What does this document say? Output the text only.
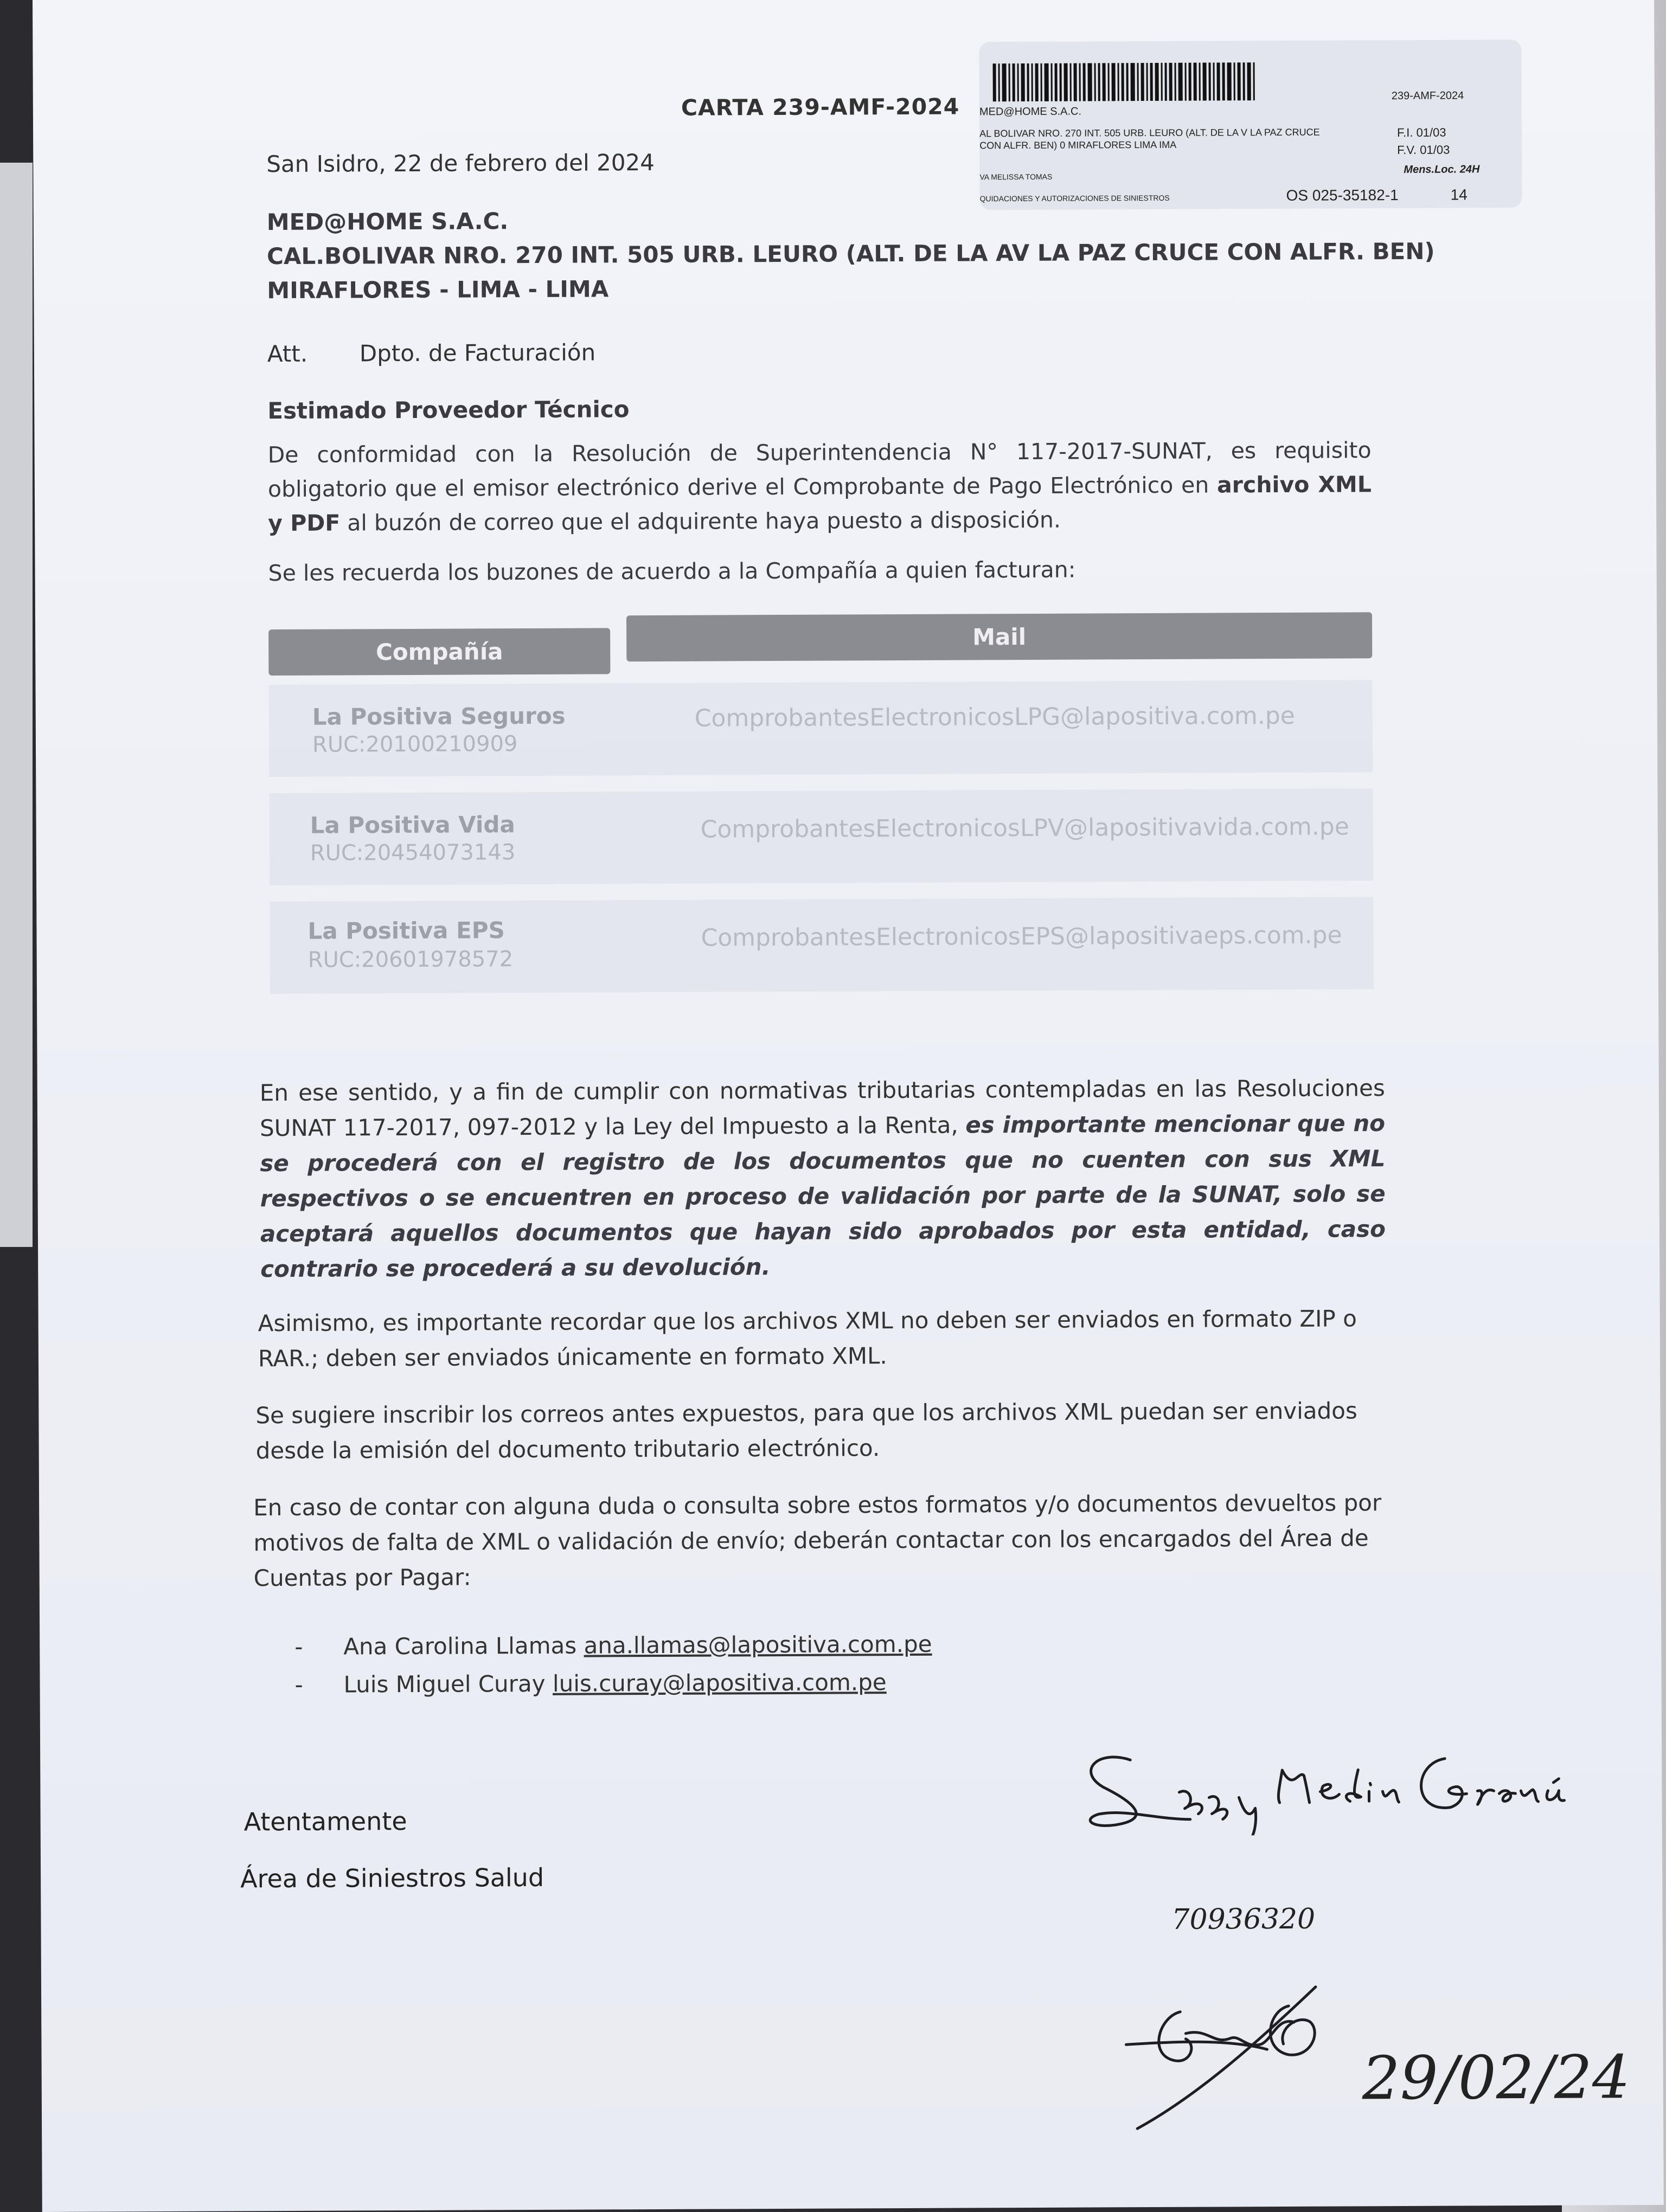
CARTA 239-AMF-2024	239-AMF-2024
MED@HOME S.A.C.
AL BOLIVAR NRO. 270 INT. 505 URB. LEURO (ALT. DE LA V LA PAZ CRUCE CON ALFR. BEN) 0 MIRAFLORES LIMA IMA
VA MELISSA TOMAS
QUIDACIONES Y AUTORIZACIONES DE SINIESTROS
F.I. 01/03
F.V. 01/03
Mens.Loc. 24H
OS 025-35182-1	14
San Isidro, 22 de febrero del 2024
MED@HOME S.A.C.
CAL.BOLIVAR NRO. 270 INT. 505 URB. LEURO (ALT. DE LA AV LA PAZ CRUCE CON ALFR. BEN)
MIRAFLORES - LIMA - LIMA
Att. Dpto. de Facturación
Estimado Proveedor Técnico
De conformidad con la Resolución de Superintendencia N° 117-2017-SUNAT, es requisito obligatorio que el emisor electrónico derive el Comprobante de Pago Electrónico en archivo XML y PDF al buzón de correo que el adquirente haya puesto a disposición.
Se les recuerda los buzones de acuerdo a la Compañía a quien facturan:
Compañía
Mail
La Positiva Seguros
RUC:20100210909
ComprobantesElectronicosLPG@lapositiva.com.pe
La Positiva Vida
RUC:20454073143
ComprobantesElectronicosLPV@lapositivavida.com.pe
La Positiva EPS
RUC:20601978572
ComprobantesElectronicosEPS@lapositivaeps.com.pe
En ese sentido, y a fin de cumplir con normativas tributarias contempladas en las Resoluciones SUNAT 117-2017, 097-2012 y la Ley del Impuesto a la Renta, es importante mencionar que no se procederá con el registro de los documentos que no cuenten con sus XML respectivos o se encuentren en proceso de validación por parte de la SUNAT, solo se aceptará aquellos documentos que hayan sido aprobados por esta entidad, caso contrario se procederá a su devolución.
Asimismo, es importante recordar que los archivos XML no deben ser enviados en formato ZIP o RAR.; deben ser enviados únicamente en formato XML.
Se sugiere inscribir los correos antes expuestos, para que los archivos XML puedan ser enviados desde la emisión del documento tributario electrónico.
En caso de contar con alguna duda o consulta sobre estos formatos y/o documentos devueltos por motivos de falta de XML o validación de envío; deberán contactar con los encargados del Área de Cuentas por Pagar:
- Ana Carolina Llamas ana.llamas@lapositiva.com.pe
- Luis Miguel Curay luis.curay@lapositiva.com.pe
Atentamente
Área de Siniestros Salud
70936320
29/02/24
